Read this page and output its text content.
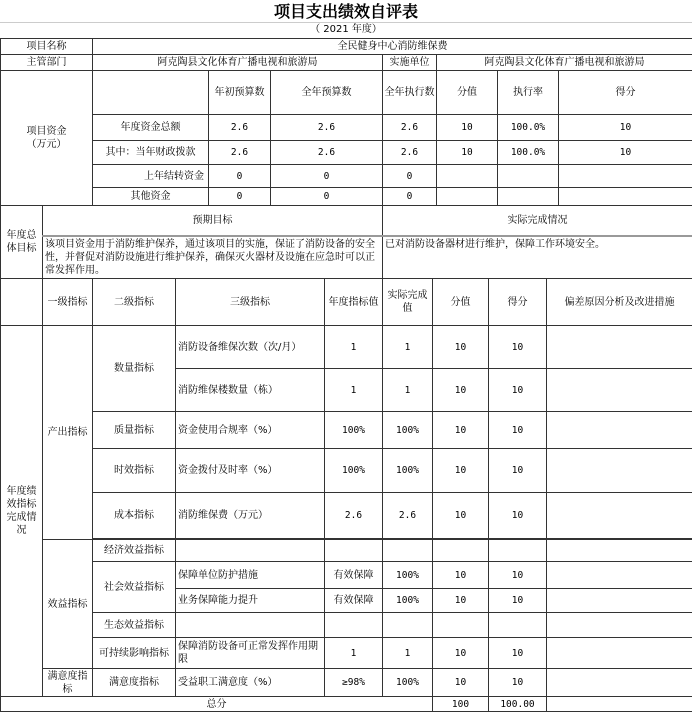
项目支出绩效自评表
（ 2021 年度）
项目名称	全民健身中心消防维保费		
主管部门	阿克陶县文化体育广播电视和旅游局	实施单位	阿克陶县文化体育广播电视和旅游局
项目资金
（万元）		年初预算数	全年预算数	全年执行数	分值	执行率	得分
	年度资金总额	2.6	2.6	2.6	10	100.0%	10
	其中：当年财政拨款	2.6	2.6	2.6	10	100.0%	10
	上年结转资金	0	0	0			
	其他资金	0	0	0			
年度总体目标	预期目标	实际完成情况
	该项目资金用于消防维护保养，通过该项目的实施，保证了消防设备的安全性，并督促对消防设施进行维护保养，确保灭火器材及设施在应急时可以正常发挥作用。	已对消防设备器材进行维护，保障工作环境安全。
	一级指标	二级指标	三级指标	年度指标值	实际完成值	分值	得分	偏差原因分析及改进措施
年度绩效指标完成情况	产出指标	数量指标	消防设备维保次数（次/月）	1	1	10	10	
			消防维保楼数量（栋）	1	1	10	10	
		质量指标	资金使用合规率（%）	100%	100%	10	10	
		时效指标	资金拨付及时率（%）	100%	100%	10	10	
		成本指标	消防维保费（万元）	2.6	2.6	10	10	

	效益指标	经济效益指标						
		社会效益指标	保障单位防护措施	有效保障	100%	10	10	
			业务保障能力提升	有效保障	100%	10	10	
		生态效益指标						
		可持续影响指标	保障消防设备可正常发挥作用期限	1	1	10	10	
	满意度指标	满意度指标	受益职工满意度（%）	≥98%	100%	10	10	
总分						100	100.00	
